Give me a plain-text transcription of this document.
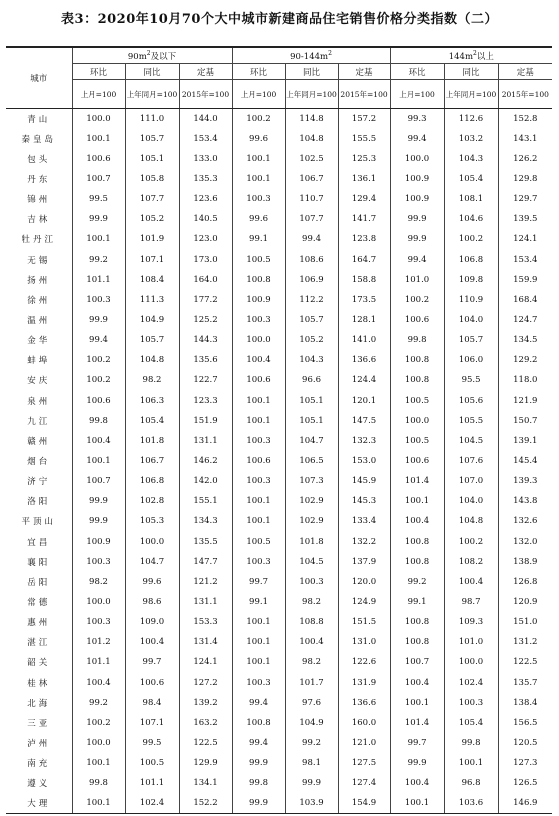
表3：2020年10月70个大中城市新建商品住宅销售价格分类指数（二）
城市	$90m^2$及以下			$90-144m^2$			$144m^2$以上		
	环比	同比	定基	环比	同比	定基	环比	同比	定基
	上月=100	上年同月=100	2015年=100	上月=100	上年同月=100	2015年=100	上月=100	上年同月=100	2015年=100
青山	100.0	111.0	144.0	100.2	114.8	157.2	99.3	112.6	152.8
秦皇岛	100.1	105.7	153.4	99.6	104.8	155.5	99.4	103.2	143.1
包头	100.6	105.1	133.0	100.1	102.5	125.3	100.0	104.3	126.2
丹东	100.7	105.8	135.3	100.1	106.7	136.1	100.9	105.4	129.8
锦州	99.5	107.7	123.6	100.3	110.7	129.4	100.9	108.1	129.7
吉林	99.9	105.2	140.5	99.6	107.7	141.7	99.9	104.6	139.5
牡丹江	100.1	101.9	123.0	99.1	99.4	123.8	99.9	100.2	124.1
无锡	99.2	107.1	173.0	100.5	108.6	164.7	99.4	106.8	153.4
扬州	101.1	108.4	164.0	100.8	106.9	158.8	101.0	109.8	159.9
徐州	100.3	111.3	177.2	100.9	112.2	173.5	100.2	110.9	168.4
温州	99.9	104.9	125.2	100.3	105.7	128.1	100.6	104.0	124.7
金华	99.4	105.7	144.3	100.0	105.2	141.0	99.8	105.7	134.5
蚌埠	100.2	104.8	135.6	100.4	104.3	136.6	100.8	106.0	129.2
安庆	100.2	98.2	122.7	100.6	96.6	124.4	100.8	95.5	118.0
泉州	100.6	106.3	123.3	100.1	105.1	120.1	100.5	105.6	121.9
九江	99.8	105.4	151.9	100.1	105.1	147.5	100.0	105.5	150.7
赣州	100.4	101.8	131.1	100.3	104.7	132.3	100.5	104.5	139.1
烟台	100.1	106.7	146.2	100.6	106.5	153.0	100.6	107.6	145.4
济宁	100.7	106.8	142.0	100.3	107.3	145.9	101.4	107.0	139.3
洛阳	99.9	102.8	155.1	100.1	102.9	145.3	100.1	104.0	143.8
平顶山	99.9	105.3	134.3	100.1	102.9	133.4	100.4	104.8	132.6
宜昌	100.9	100.0	135.5	100.5	101.8	132.2	100.8	100.2	132.0
襄阳	100.3	104.7	147.7	100.3	104.5	137.9	100.8	108.2	138.9
岳阳	98.2	99.6	121.2	99.7	100.3	120.0	99.2	100.4	126.8
常德	100.0	98.6	131.1	99.1	98.2	124.9	99.1	98.7	120.9
惠州	100.3	109.0	153.3	100.1	108.8	151.5	100.8	109.3	151.0
湛江	101.2	100.4	131.4	100.1	100.4	131.0	100.8	101.0	131.2
韶关	101.1	99.7	124.1	100.1	98.2	122.6	100.7	100.0	122.5
桂林	100.4	100.6	127.2	100.3	101.7	131.9	100.4	102.4	135.7
北海	99.2	98.4	139.2	99.4	97.6	136.6	100.1	100.3	138.4
三亚	100.2	107.1	163.2	100.8	104.9	160.0	101.4	105.4	156.5
泸州	100.0	99.5	122.5	99.4	99.2	121.0	99.7	99.8	120.5
南充	100.1	100.5	129.9	99.9	98.1	127.5	99.9	100.1	127.3
遵义	99.8	101.1	134.1	99.8	99.9	127.4	100.4	96.8	126.5
大理	100.1	102.4	152.2	99.9	103.9	154.9	100.1	103.6	146.9
